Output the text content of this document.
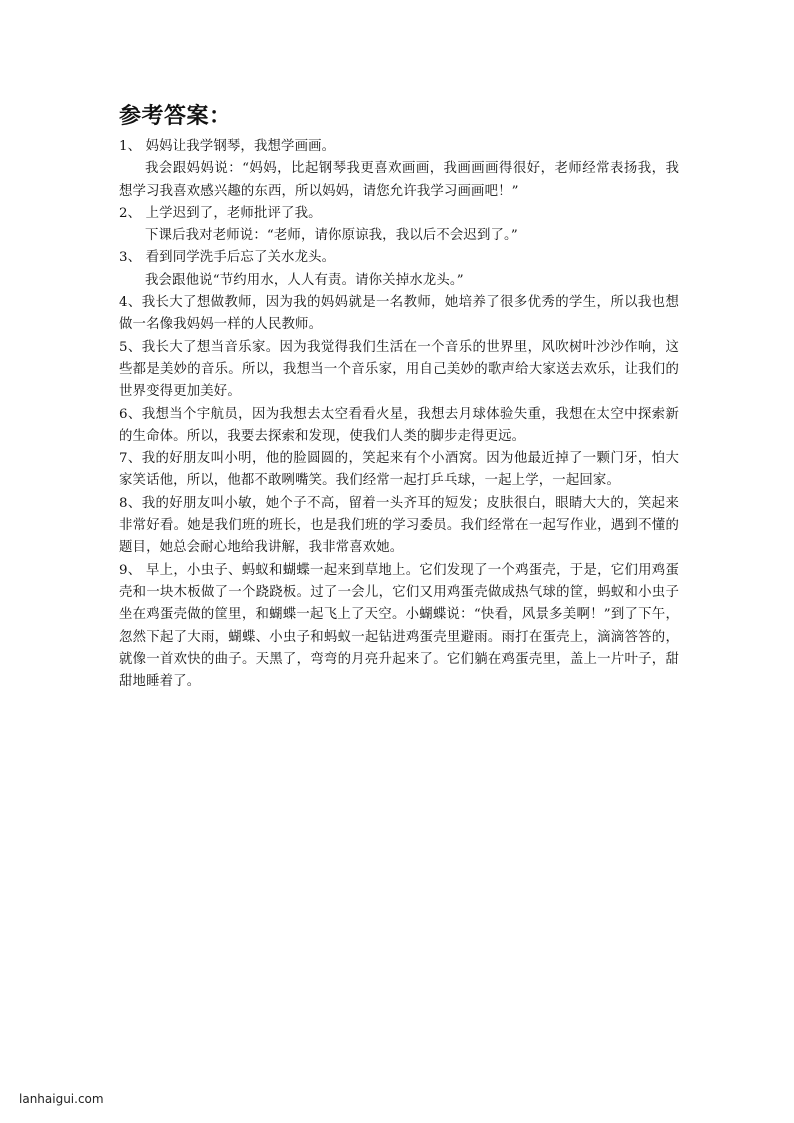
参考答案：

1、 妈妈让我学钢琴，我想学画画。

我会跟妈妈说：“妈妈，比起钢琴我更喜欢画画，我画画画得很好，老师经常表扬我，我想学习我喜欢感兴趣的东西，所以妈妈，请您允许我学习画画吧！”

2、 上学迟到了，老师批评了我。

下课后我对老师说：“老师，请你原谅我，我以后不会迟到了。”

3、 看到同学洗手后忘了关水龙头。

我会跟他说“节约用水，人人有责。请你关掉水龙头。”

4、我长大了想做教师，因为我的妈妈就是一名教师，她培养了很多优秀的学生，所以我也想做一名像我妈妈一样的人民教师。

5、我长大了想当音乐家。因为我觉得我们生活在一个音乐的世界里，风吹树叶沙沙作响，这些都是美妙的音乐。所以，我想当一个音乐家，用自己美妙的歌声给大家送去欢乐，让我们的世界变得更加美好。

6、我想当个宇航员，因为我想去太空看看火星，我想去月球体验失重，我想在太空中探索新的生命体。所以，我要去探索和发现，使我们人类的脚步走得更远。

7、我的好朋友叫小明，他的脸圆圆的，笑起来有个小酒窝。因为他最近掉了一颗门牙，怕大家笑话他，所以，他都不敢咧嘴笑。我们经常一起打乒乓球，一起上学，一起回家。

8、我的好朋友叫小敏，她个子不高，留着一头齐耳的短发；皮肤很白，眼睛大大的，笑起来非常好看。她是我们班的班长，也是我们班的学习委员。我们经常在一起写作业，遇到不懂的题目，她总会耐心地给我讲解，我非常喜欢她。

9、 早上，小虫子、蚂蚁和蝴蝶一起来到草地上。它们发现了一个鸡蛋壳，于是，它们用鸡蛋壳和一块木板做了一个跷跷板。过了一会儿，它们又用鸡蛋壳做成热气球的筐，蚂蚁和小虫子坐在鸡蛋壳做的筐里，和蝴蝶一起飞上了天空。小蝴蝶说：“快看，风景多美啊！”到了下午，忽然下起了大雨，蝴蝶、小虫子和蚂蚁一起钻进鸡蛋壳里避雨。雨打在蛋壳上，滴滴答答的，就像一首欢快的曲子。天黑了，弯弯的月亮升起来了。它们躺在鸡蛋壳里，盖上一片叶子，甜甜地睡着了。

lanhaigui.com
